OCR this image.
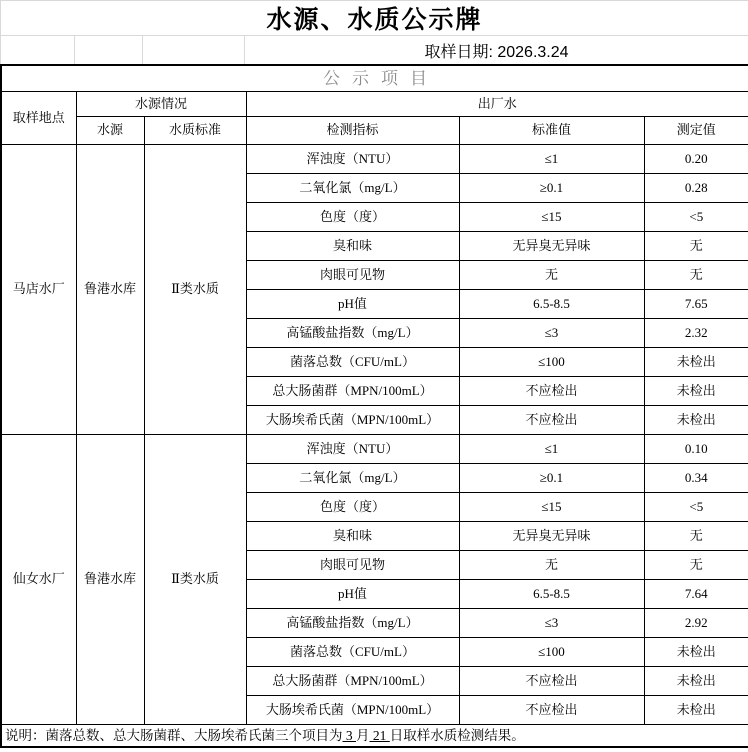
水源、水质公示牌
取样日期: 2026.3.24
公示项目					
取样地点	水源情况		出厂水		
	水源	水质标准	检测指标	标准值	测定值
马店水厂	鲁港水库	Ⅱ类水质	浑浊度（NTU）	≤1	0.20
			二氧化氯（mg/L）	≥0.1	0.28
			色度（度）	≤15	<5
			臭和味	无异臭无异味	无
			肉眼可见物	无	无
			pH值	6.5-8.5	7.65
			高锰酸盐指数（mg/L）	≤3	2.32
			菌落总数（CFU/mL）	≤100	未检出
			总大肠菌群（MPN/100mL）	不应检出	未检出
			大肠埃希氏菌（MPN/100mL）	不应检出	未检出
仙女水厂	鲁港水库	Ⅱ类水质	浑浊度（NTU）	≤1	0.10
			二氧化氯（mg/L）	≥0.1	0.34
			色度（度）	≤15	<5
			臭和味	无异臭无异味	无
			肉眼可见物	无	无
			pH值	6.5-8.5	7.64
			高锰酸盐指数（mg/L）	≤3	2.92
			菌落总数（CFU/mL）	≤100	未检出
			总大肠菌群（MPN/100mL）	不应检出	未检出
			大肠埃希氏菌（MPN/100mL）	不应检出	未检出
说明：菌落总数、总大肠菌群、大肠埃希氏菌三个项目为 3 月 21 日取样水质检测结果。					
